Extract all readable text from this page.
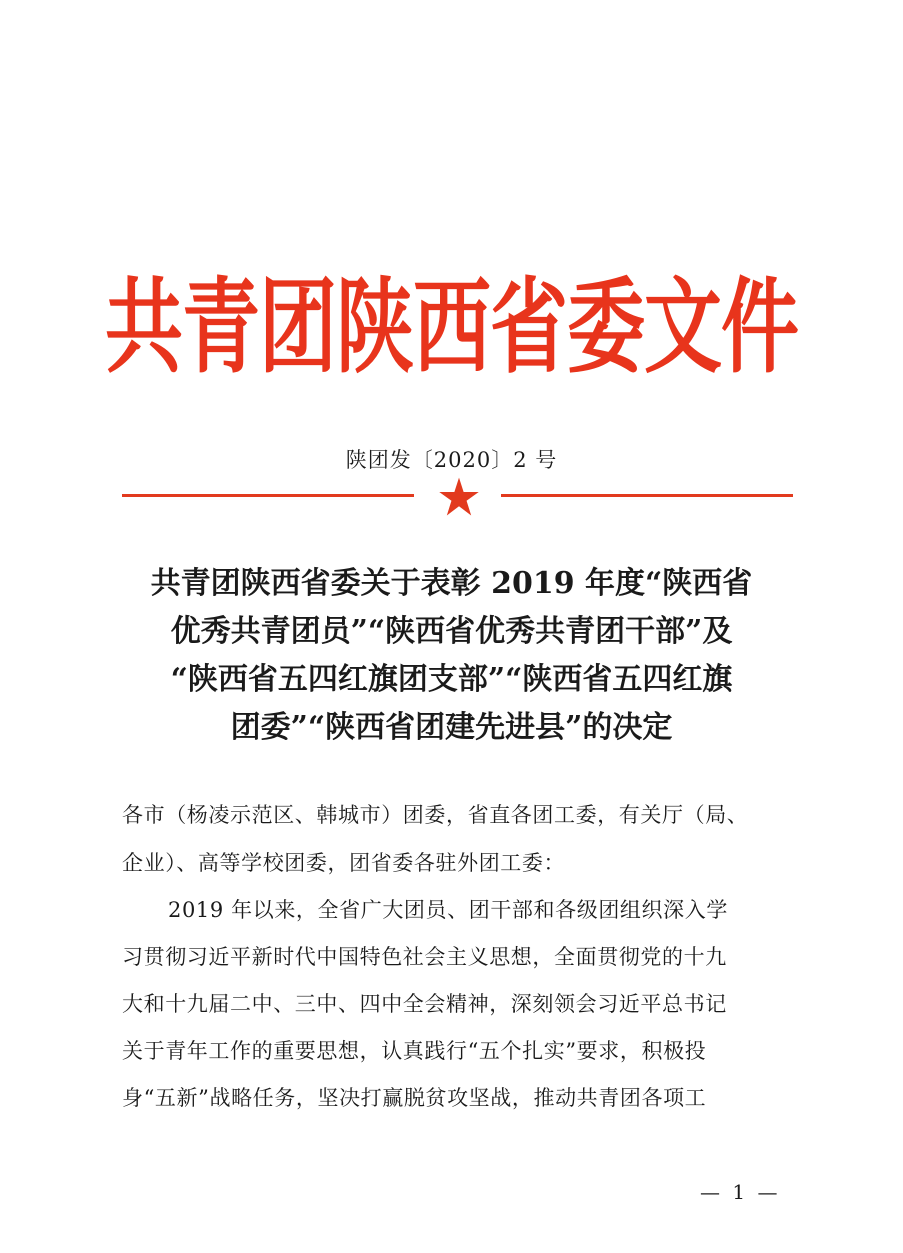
共青团陕西省委文件
陕团发〔2020〕2 号
共青团陕西省委关于表彰 2019 年度“陕西省
优秀共青团员”“陕西省优秀共青团干部”及
“陕西省五四红旗团支部”“陕西省五四红旗
团委”“陕西省团建先进县”的决定
各市（杨凌示范区、韩城市）团委，省直各团工委，有关厅（局、
企业）、高等学校团委，团省委各驻外团工委：
2019 年以来，全省广大团员、团干部和各级团组织深入学
习贯彻习近平新时代中国特色社会主义思想，全面贯彻党的十九
大和十九届二中、三中、四中全会精神，深刻领会习近平总书记
关于青年工作的重要思想，认真践行“五个扎实”要求，积极投
身“五新”战略任务，坚决打赢脱贫攻坚战，推动共青团各项工
— 1 —
